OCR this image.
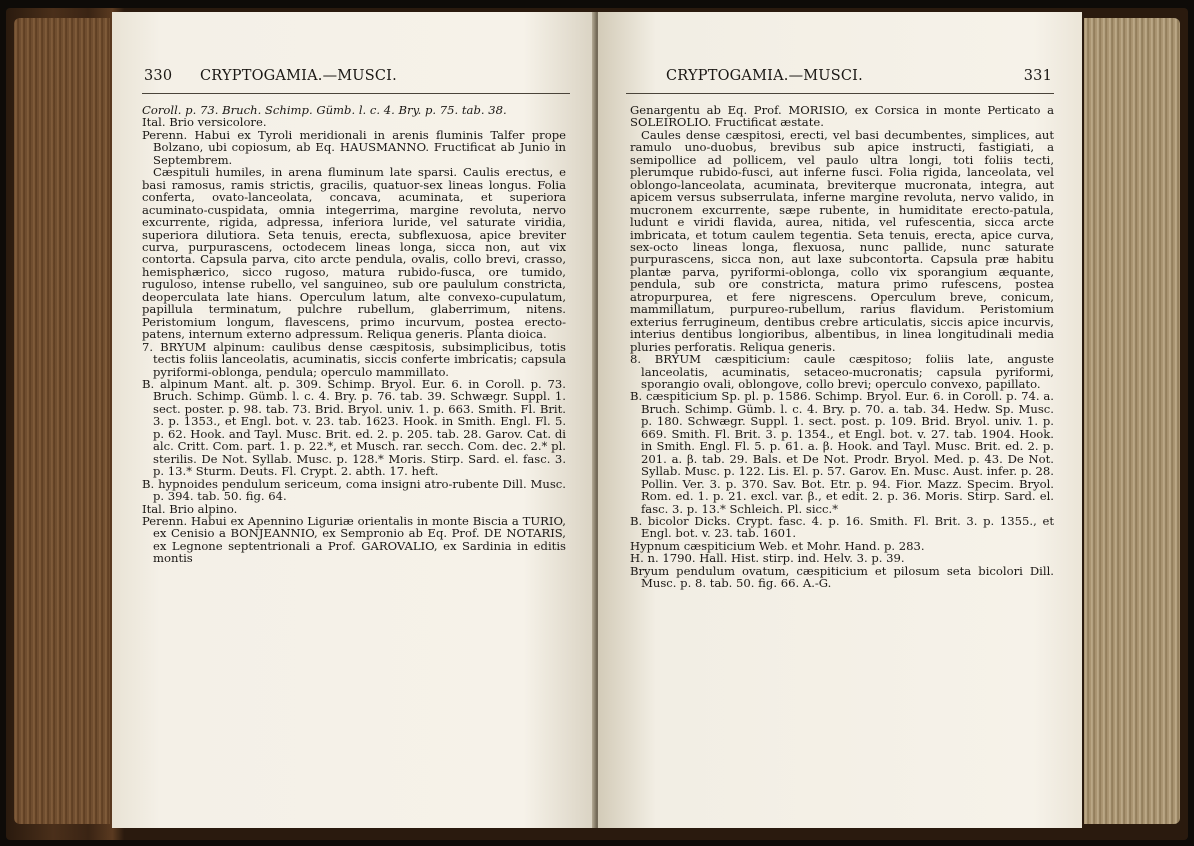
330 CRYPTOGAMIA.—MUSCI.

Coroll. p. 73. Bruch. Schimp. Gümb. l. c. 4. Bry. p. 75. tab. 38.

Ital. Brio versicolore.

Perenn. Habui ex Tyroli meridionali in arenis fluminis Talfer prope Bolzano, ubi copiosum, ab Eq. HAUSMANNO. Fructificat ab Junio in Septembrem.

Cæspituli humiles, in arena fluminum late sparsi. Caulis erectus, e basi ramosus, ramis strictis, gracilis, quatuor-sex lineas longus. Folia conferta, ovato-lanceolata, concava, acuminata, et superiora acuminato-cuspidata, omnia integerrima, margine revoluta, nervo excurrente, rigida, adpressa, inferiora luride, vel saturate viridia, superiora dilutiora. Seta tenuis, erecta, subflexuosa, apice breviter curva, purpurascens, octodecem lineas longa, sicca non, aut vix contorta. Capsula parva, cito arcte pendula, ovalis, collo brevi, crasso, hemisphærico, sicco rugoso, matura rubido-fusca, ore tumido, ruguloso, intense rubello, vel sanguineo, sub ore paululum constricta, deoperculata late hians. Operculum latum, alte convexo-cupulatum, papillula terminatum, pulchre rubellum, glaberrimum, nitens. Peristomium longum, flavescens, primo incurvum, postea erecto-patens, internum externo adpressum. Reliqua generis. Planta dioica.

7. BRYUM alpinum: caulibus dense cæspitosis, subsimplicibus, totis tectis foliis lanceolatis, acuminatis, siccis conferte imbricatis; capsula pyriformi-oblonga, pendula; operculo mammillato.

B. alpinum Mant. alt. p. 309. Schimp. Bryol. Eur. 6. in Coroll. p. 73. Bruch. Schimp. Gümb. l. c. 4. Bry. p. 76. tab. 39. Schwægr. Suppl. 1. sect. poster. p. 98. tab. 73. Brid. Bryol. univ. 1. p. 663. Smith. Fl. Brit. 3. p. 1353., et Engl. bot. v. 23. tab. 1623. Hook. in Smith. Engl. Fl. 5. p. 62. Hook. and Tayl. Musc. Brit. ed. 2. p. 205. tab. 28. Garov. Cat. di alc. Critt. Com. part. 1. p. 22.*, et Musch. rar. secch. Com. dec. 2.* pl. sterilis. De Not. Syllab. Musc. p. 128.* Moris. Stirp. Sard. el. fasc. 3. p. 13.* Sturm. Deuts. Fl. Crypt. 2. abth. 17. heft.

B. hypnoides pendulum sericeum, coma insigni atro-rubente Dill. Musc. p. 394. tab. 50. fig. 64.

Ital. Brio alpino.

Perenn. Habui ex Apennino Liguriæ orientalis in monte Biscia a TURIO, ex Cenisio a BONJEANNIO, ex Sempronio ab Eq. Prof. DE NOTARIS, ex Legnone septentrionali a Prof. GAROVALIO, ex Sardinia in editis montis

CRYPTOGAMIA.—MUSCI.	331

Genargentu ab Eq. Prof. MORISIO, ex Corsica in monte Perticato a SOLEIROLIO. Fructificat æstate.

Caules dense cæspitosi, erecti, vel basi decumbentes, simplices, aut ramulo uno-duobus, brevibus sub apice instructi, fastigiati, a semipollice ad pollicem, vel paulo ultra longi, toti foliis tecti, plerumque rubido-fusci, aut inferne fusci. Folia rigida, lanceolata, vel oblongo-lanceolata, acuminata, breviterque mucronata, integra, aut apicem versus subserrulata, inferne margine revoluta, nervo valido, in mucronem excurrente, sæpe rubente, in humiditate erecto-patula, ludunt e viridi flavida, aurea, nitida, vel rufescentia, sicca arcte imbricata, et totum caulem tegentia. Seta tenuis, erecta, apice curva, sex-octo lineas longa, flexuosa, nunc pallide, nunc saturate purpurascens, sicca non, aut laxe subcontorta. Capsula præ habitu plantæ parva, pyriformi-oblonga, collo vix sporangium æquante, pendula, sub ore constricta, matura primo rufescens, postea atropurpurea, et fere nigrescens. Operculum breve, conicum, mammillatum, purpureo-rubellum, rarius flavidum. Peristomium exterius ferrugineum, dentibus crebre articulatis, siccis apice incurvis, interius dentibus longioribus, albentibus, in linea longitudinali media pluries perforatis. Reliqua generis.

8. BRYUM cæspiticium: caule cæspitoso; foliis late, anguste lanceolatis, acuminatis, setaceo-mucronatis; capsula pyriformi, sporangio ovali, oblongove, collo brevi; operculo convexo, papillato.

B. cæspiticium Sp. pl. p. 1586. Schimp. Bryol. Eur. 6. in Coroll. p. 74. a. Bruch. Schimp. Gümb. l. c. 4. Bry. p. 70. a. tab. 34. Hedw. Sp. Musc. p. 180. Schwægr. Suppl. 1. sect. post. p. 109. Brid. Bryol. univ. 1. p. 669. Smith. Fl. Brit. 3. p. 1354., et Engl. bot. v. 27. tab. 1904. Hook. in Smith. Engl. Fl. 5. p. 61. a. β. Hook. and Tayl. Musc. Brit. ed. 2. p. 201. a. β. tab. 29. Bals. et De Not. Prodr. Bryol. Med. p. 43. De Not. Syllab. Musc. p. 122. Lis. El. p. 57. Garov. En. Musc. Aust. infer. p. 28. Pollin. Ver. 3. p. 370. Sav. Bot. Etr. p. 94. Fior. Mazz. Specim. Bryol. Rom. ed. 1. p. 21. excl. var. β., et edit. 2. p. 36. Moris. Stirp. Sard. el. fasc. 3. p. 13.* Schleich. Pl. sicc.*

B. bicolor Dicks. Crypt. fasc. 4. p. 16. Smith. Fl. Brit. 3. p. 1355., et Engl. bot. v. 23. tab. 1601.

Hypnum cæspiticium Web. et Mohr. Hand. p. 283.

H. n. 1790. Hall. Hist. stirp. ind. Helv. 3. p. 39.

Bryum pendulum ovatum, cæspiticium et pilosum seta bicolori Dill. Musc. p. 8. tab. 50. fig. 66. A.-G.
